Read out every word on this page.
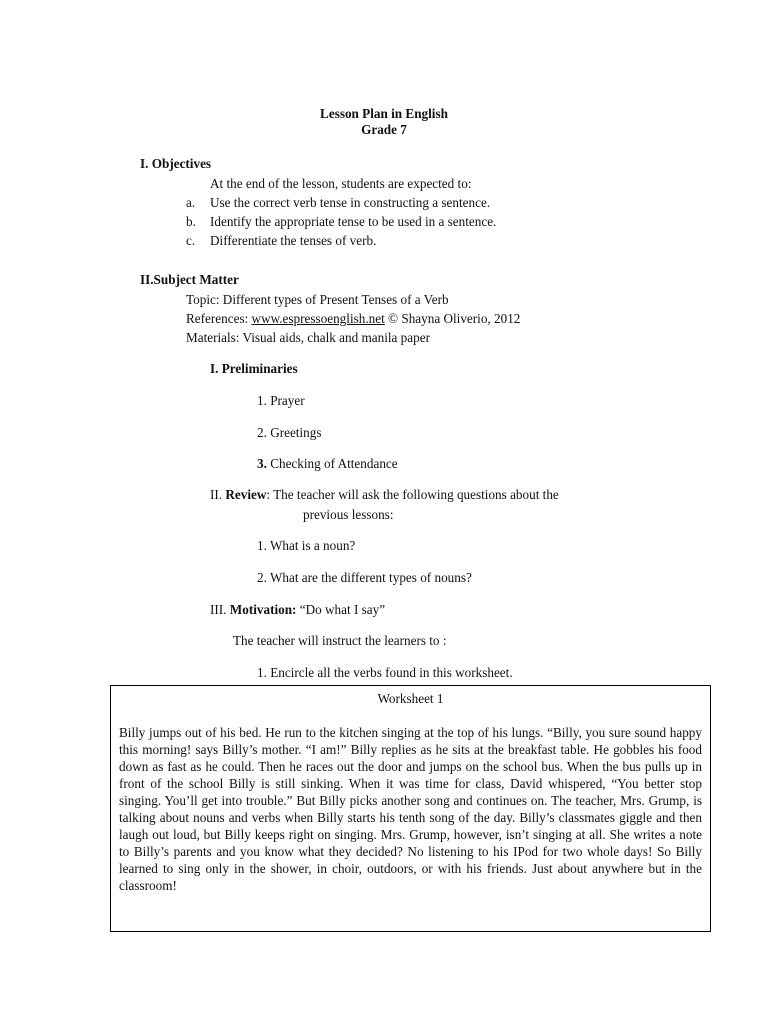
Lesson Plan in English
Grade 7
I. Objectives
At the end of the lesson, students are expected to:
a. Use the correct verb tense in constructing a sentence.
b. Identify the appropriate tense to be used in a sentence.
c. Differentiate the tenses of verb.
II.Subject Matter
Topic: Different types of Present Tenses of a Verb
References: www.espressoenglish.net © Shayna Oliverio, 2012
Materials: Visual aids, chalk and manila paper
I. Preliminaries
1. Prayer
2. Greetings
3. Checking of Attendance
II. Review: The teacher will ask the following questions about the
previous lessons:
1. What is a noun?
2. What are the different types of nouns?
III. Motivation: “Do what I say”
The teacher will instruct the learners to :
1. Encircle all the verbs found in this worksheet.
Worksheet 1
Billy jumps out of his bed. He run to the kitchen singing at the top of his lungs. “Billy, you sure sound happy this morning! says Billy’s mother. “I am!” Billy replies as he sits at the breakfast table. He gobbles his food down as fast as he could. Then he races out the door and jumps on the school bus. When the bus pulls up in front of the school Billy is still sinking. When it was time for class, David whispered, “You better stop singing. You’ll get into trouble.” But Billy picks another song and continues on. The teacher, Mrs. Grump, is talking about nouns and verbs when Billy starts his tenth song of the day. Billy’s classmates giggle and then laugh out loud, but Billy keeps right on singing. Mrs. Grump, however, isn’t singing at all. She writes a note to Billy’s parents and you know what they decided? No listening to his IPod for two whole days! So Billy learned to sing only in the shower, in choir, outdoors, or with his friends. Just about anywhere but in the classroom!
